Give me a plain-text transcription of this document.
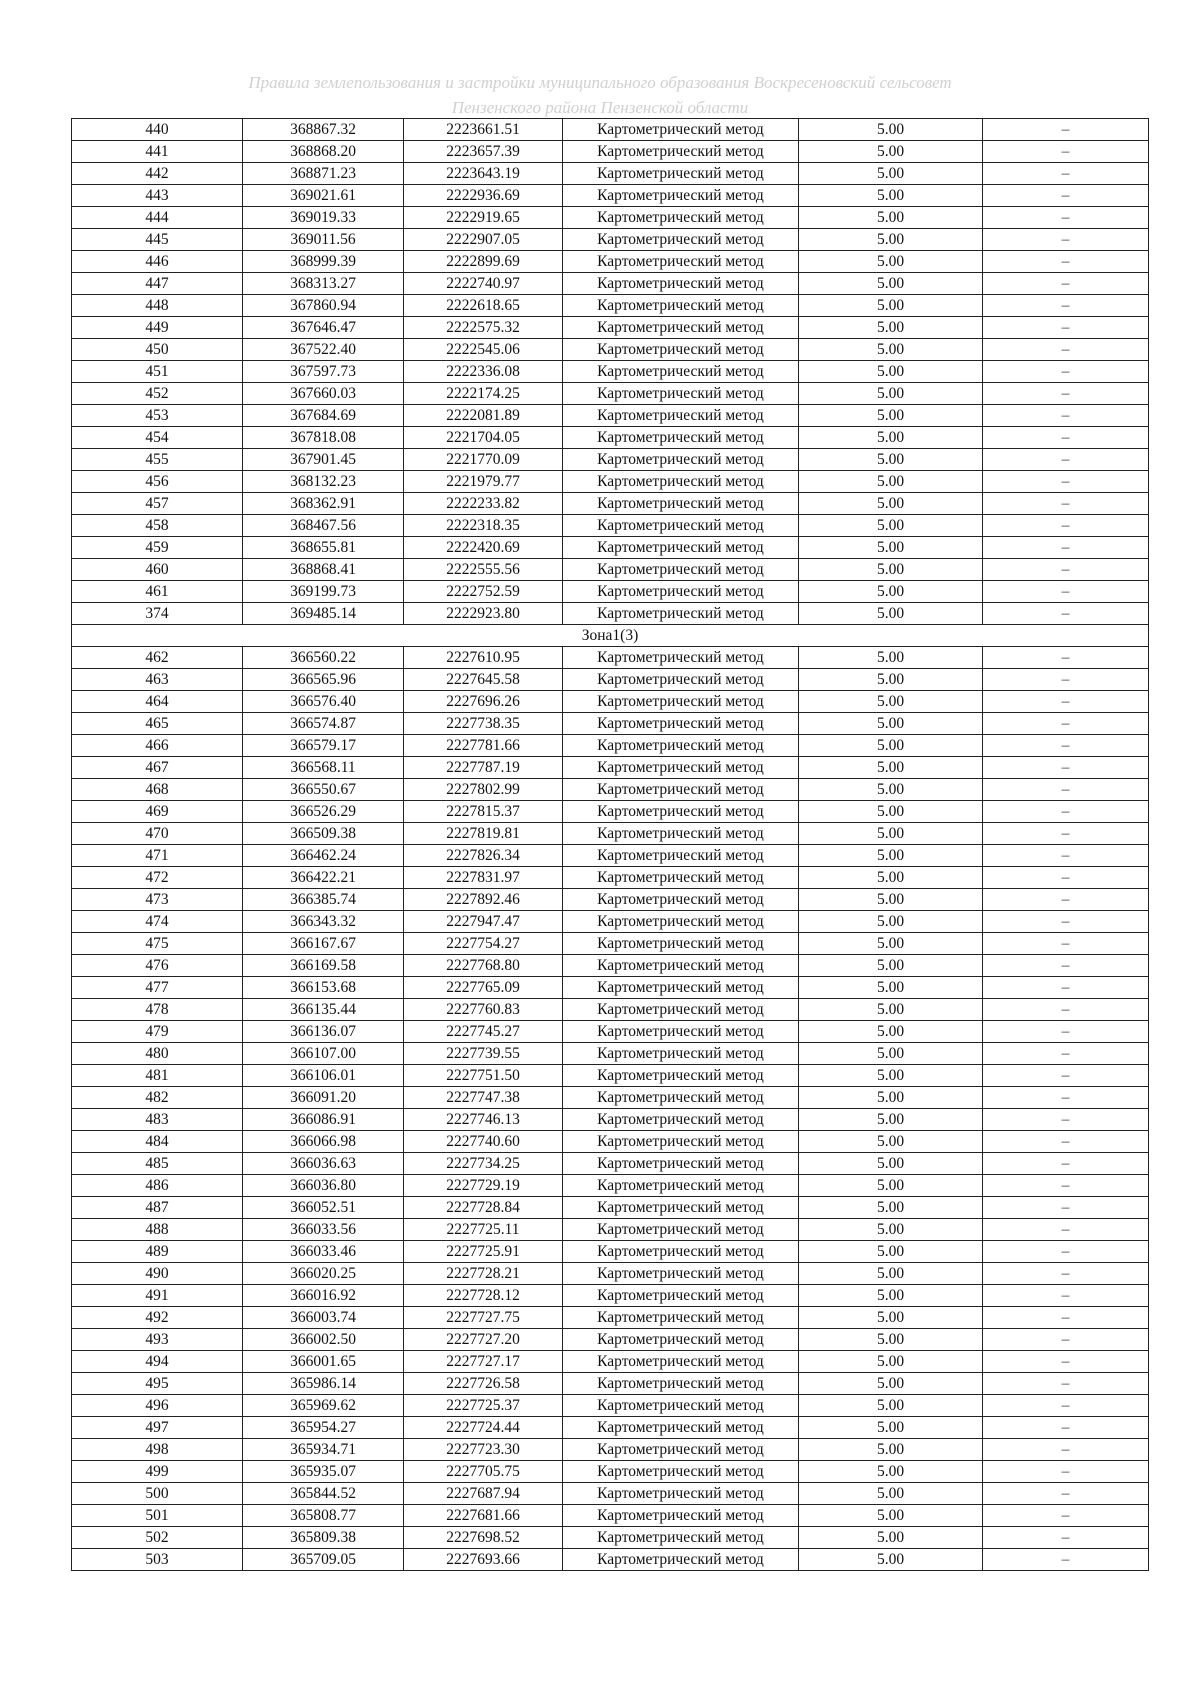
Правила землепользования и застройки муниципального образования Воскресеновский сельсовет
Пензенского района Пензенской области
440	368867.32	2223661.51	Картометрический метод	5.00	–
441	368868.20	2223657.39	Картометрический метод	5.00	–
442	368871.23	2223643.19	Картометрический метод	5.00	–
443	369021.61	2222936.69	Картометрический метод	5.00	–
444	369019.33	2222919.65	Картометрический метод	5.00	–
445	369011.56	2222907.05	Картометрический метод	5.00	–
446	368999.39	2222899.69	Картометрический метод	5.00	–
447	368313.27	2222740.97	Картометрический метод	5.00	–
448	367860.94	2222618.65	Картометрический метод	5.00	–
449	367646.47	2222575.32	Картометрический метод	5.00	–
450	367522.40	2222545.06	Картометрический метод	5.00	–
451	367597.73	2222336.08	Картометрический метод	5.00	–
452	367660.03	2222174.25	Картометрический метод	5.00	–
453	367684.69	2222081.89	Картометрический метод	5.00	–
454	367818.08	2221704.05	Картометрический метод	5.00	–
455	367901.45	2221770.09	Картометрический метод	5.00	–
456	368132.23	2221979.77	Картометрический метод	5.00	–
457	368362.91	2222233.82	Картометрический метод	5.00	–
458	368467.56	2222318.35	Картометрический метод	5.00	–
459	368655.81	2222420.69	Картометрический метод	5.00	–
460	368868.41	2222555.56	Картометрический метод	5.00	–
461	369199.73	2222752.59	Картометрический метод	5.00	–
374	369485.14	2222923.80	Картометрический метод	5.00	–
Зона1(3)					
462	366560.22	2227610.95	Картометрический метод	5.00	–
463	366565.96	2227645.58	Картометрический метод	5.00	–
464	366576.40	2227696.26	Картометрический метод	5.00	–
465	366574.87	2227738.35	Картометрический метод	5.00	–
466	366579.17	2227781.66	Картометрический метод	5.00	–
467	366568.11	2227787.19	Картометрический метод	5.00	–
468	366550.67	2227802.99	Картометрический метод	5.00	–
469	366526.29	2227815.37	Картометрический метод	5.00	–
470	366509.38	2227819.81	Картометрический метод	5.00	–
471	366462.24	2227826.34	Картометрический метод	5.00	–
472	366422.21	2227831.97	Картометрический метод	5.00	–
473	366385.74	2227892.46	Картометрический метод	5.00	–
474	366343.32	2227947.47	Картометрический метод	5.00	–
475	366167.67	2227754.27	Картометрический метод	5.00	–
476	366169.58	2227768.80	Картометрический метод	5.00	–
477	366153.68	2227765.09	Картометрический метод	5.00	–
478	366135.44	2227760.83	Картометрический метод	5.00	–
479	366136.07	2227745.27	Картометрический метод	5.00	–
480	366107.00	2227739.55	Картометрический метод	5.00	–
481	366106.01	2227751.50	Картометрический метод	5.00	–
482	366091.20	2227747.38	Картометрический метод	5.00	–
483	366086.91	2227746.13	Картометрический метод	5.00	–
484	366066.98	2227740.60	Картометрический метод	5.00	–
485	366036.63	2227734.25	Картометрический метод	5.00	–
486	366036.80	2227729.19	Картометрический метод	5.00	–
487	366052.51	2227728.84	Картометрический метод	5.00	–
488	366033.56	2227725.11	Картометрический метод	5.00	–
489	366033.46	2227725.91	Картометрический метод	5.00	–
490	366020.25	2227728.21	Картометрический метод	5.00	–
491	366016.92	2227728.12	Картометрический метод	5.00	–
492	366003.74	2227727.75	Картометрический метод	5.00	–
493	366002.50	2227727.20	Картометрический метод	5.00	–
494	366001.65	2227727.17	Картометрический метод	5.00	–
495	365986.14	2227726.58	Картометрический метод	5.00	–
496	365969.62	2227725.37	Картометрический метод	5.00	–
497	365954.27	2227724.44	Картометрический метод	5.00	–
498	365934.71	2227723.30	Картометрический метод	5.00	–
499	365935.07	2227705.75	Картометрический метод	5.00	–
500	365844.52	2227687.94	Картометрический метод	5.00	–
501	365808.77	2227681.66	Картометрический метод	5.00	–
502	365809.38	2227698.52	Картометрический метод	5.00	–
503	365709.05	2227693.66	Картометрический метод	5.00	–
